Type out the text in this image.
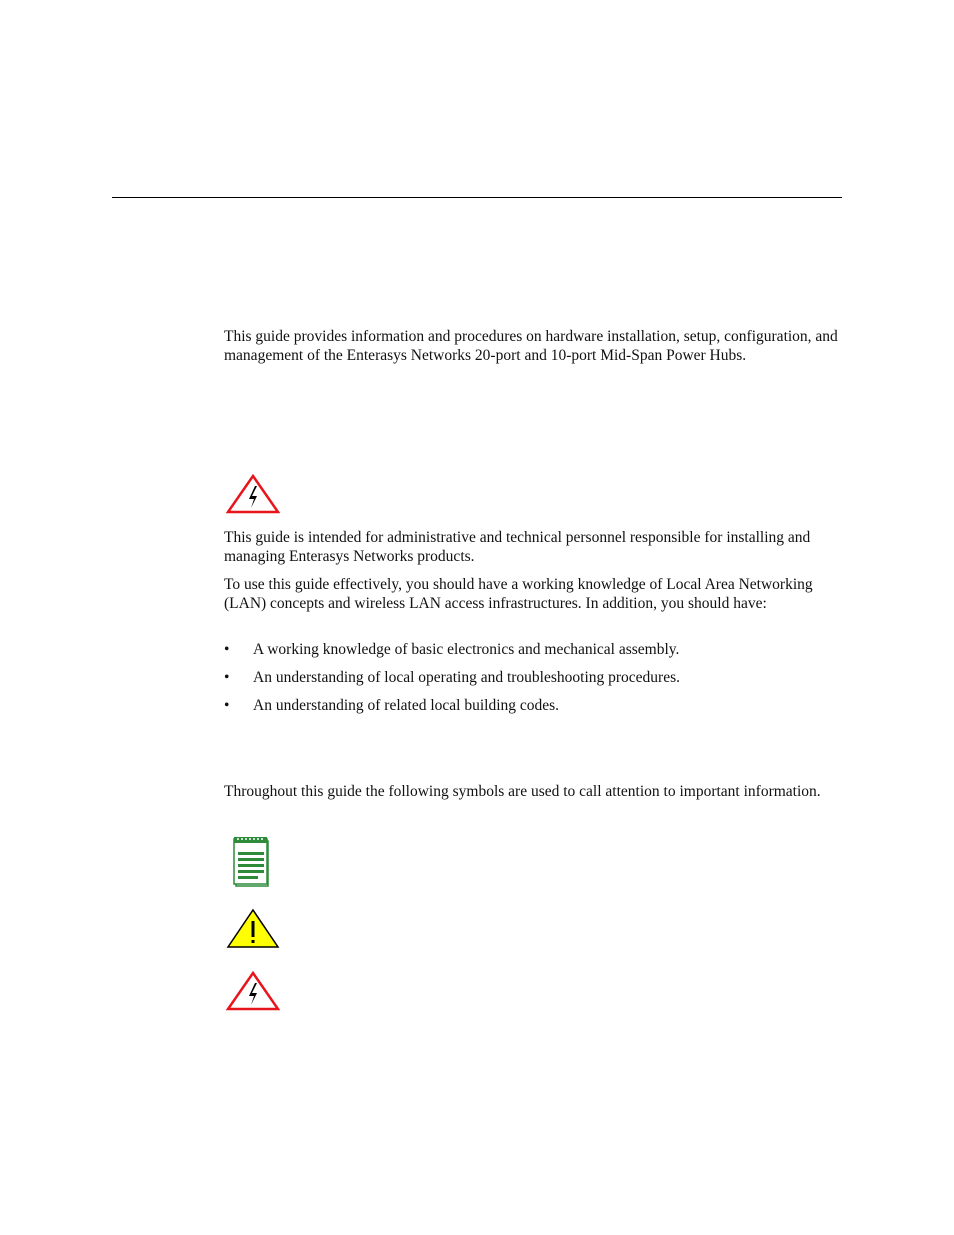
This guide provides information and procedures on hardware installation, setup, configuration, and management of the Enterasys Networks 20-port and 10-port Mid-Span Power Hubs.

This guide is intended for administrative and technical personnel responsible for installing and managing Enterasys Networks products.

To use this guide effectively, you should have a working knowledge of Local Area Networking (LAN) concepts and wireless LAN access infrastructures. In addition, you should have:

•	A working knowledge of basic electronics and mechanical assembly.
•	An understanding of local operating and troubleshooting procedures.
•	An understanding of related local building codes.

Throughout this guide the following symbols are used to call attention to important information.
